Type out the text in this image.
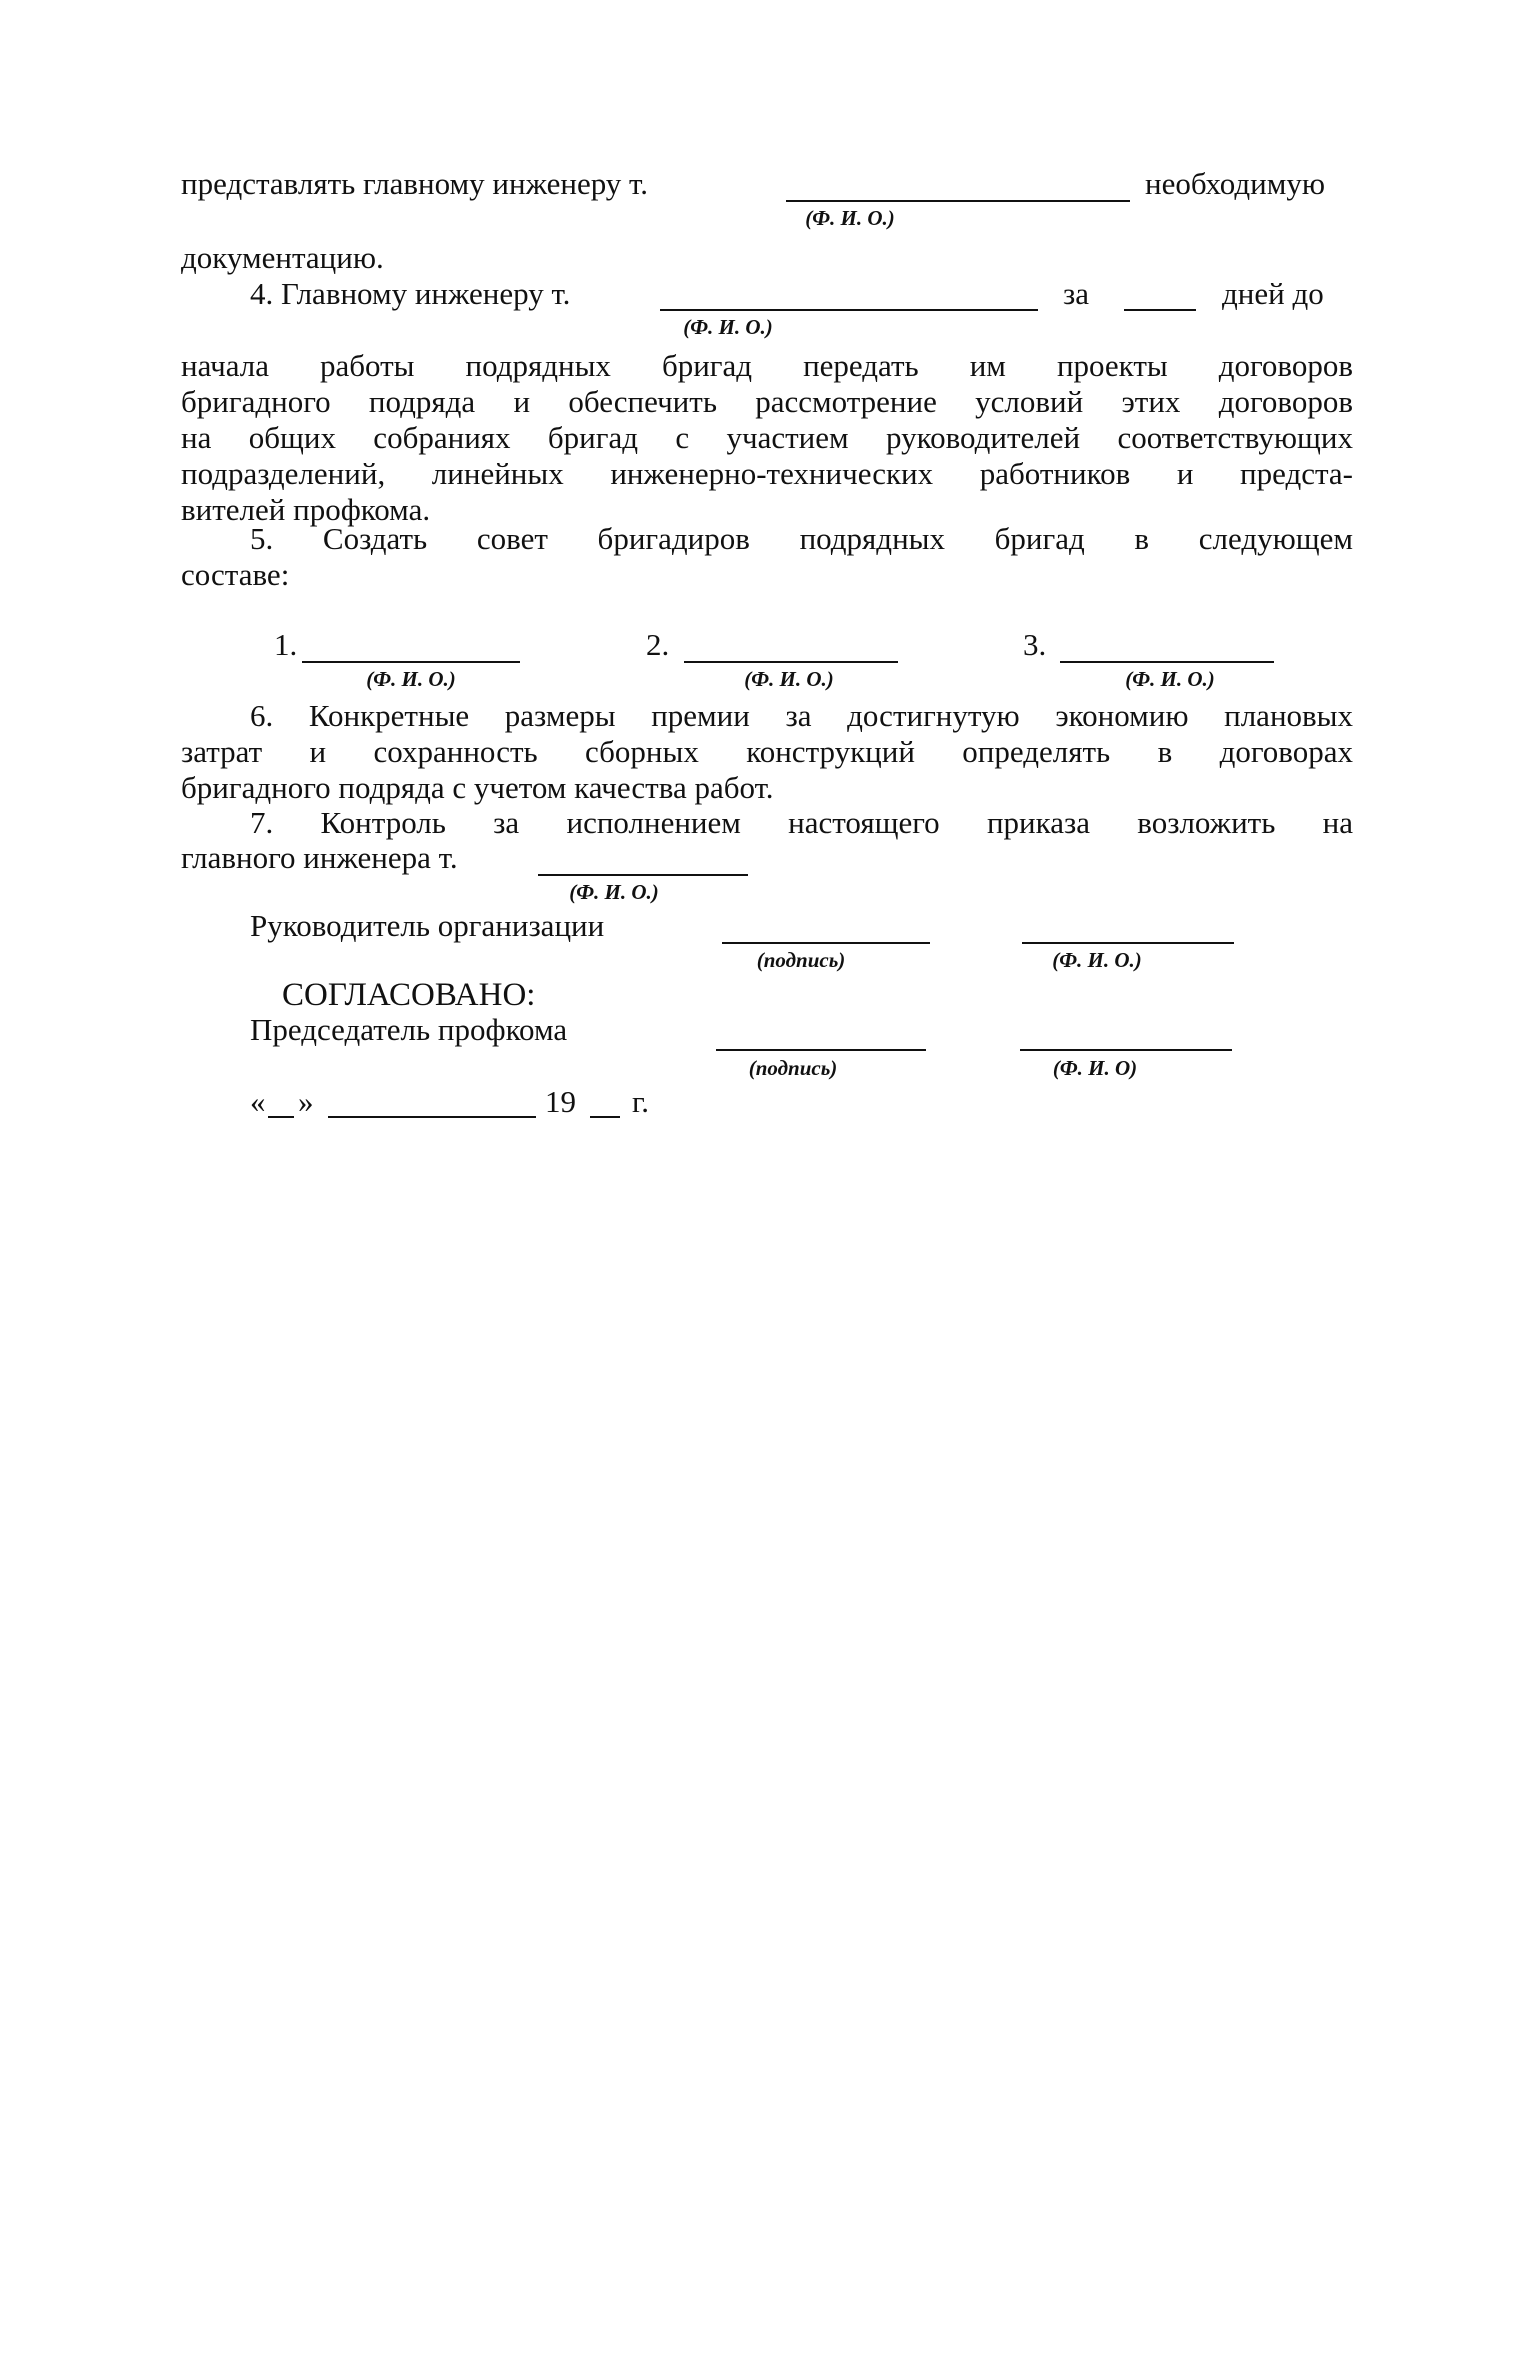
представлять главному инженеру т.	необходимую
(Ф. И. О.)
документацию.
4. Главному инженеру т.	за	дней до
(Ф. И. О.)
начала работы подрядных бригад передать им проекты договоров
бригадного подряда и обеспечить рассмотрение условий этих договоров
на общих собраниях бригад с участием руководителей соответствующих
подразделений, линейных инженерно-технических работников и предста-
вителей профкома.
5. Создать совет бригадиров подрядных бригад в следующем
составе:
1.
(Ф. И. О.)
2.
(Ф. И. О.)
3.
(Ф. И. О.)
6. Конкретные размеры премии за достигнутую экономию плановых
затрат и сохранность сборных конструкций определять в договорах
бригадного подряда с учетом качества работ.
7. Контроль за исполнением настоящего приказа возложить на
главного инженера т.
(Ф. И. О.)
Руководитель организации
(подпись)	(Ф. И. О.)
СОГЛАСОВАНО:
Председатель профкома
(подпись)	(Ф. И. О)
« »	19 г.
